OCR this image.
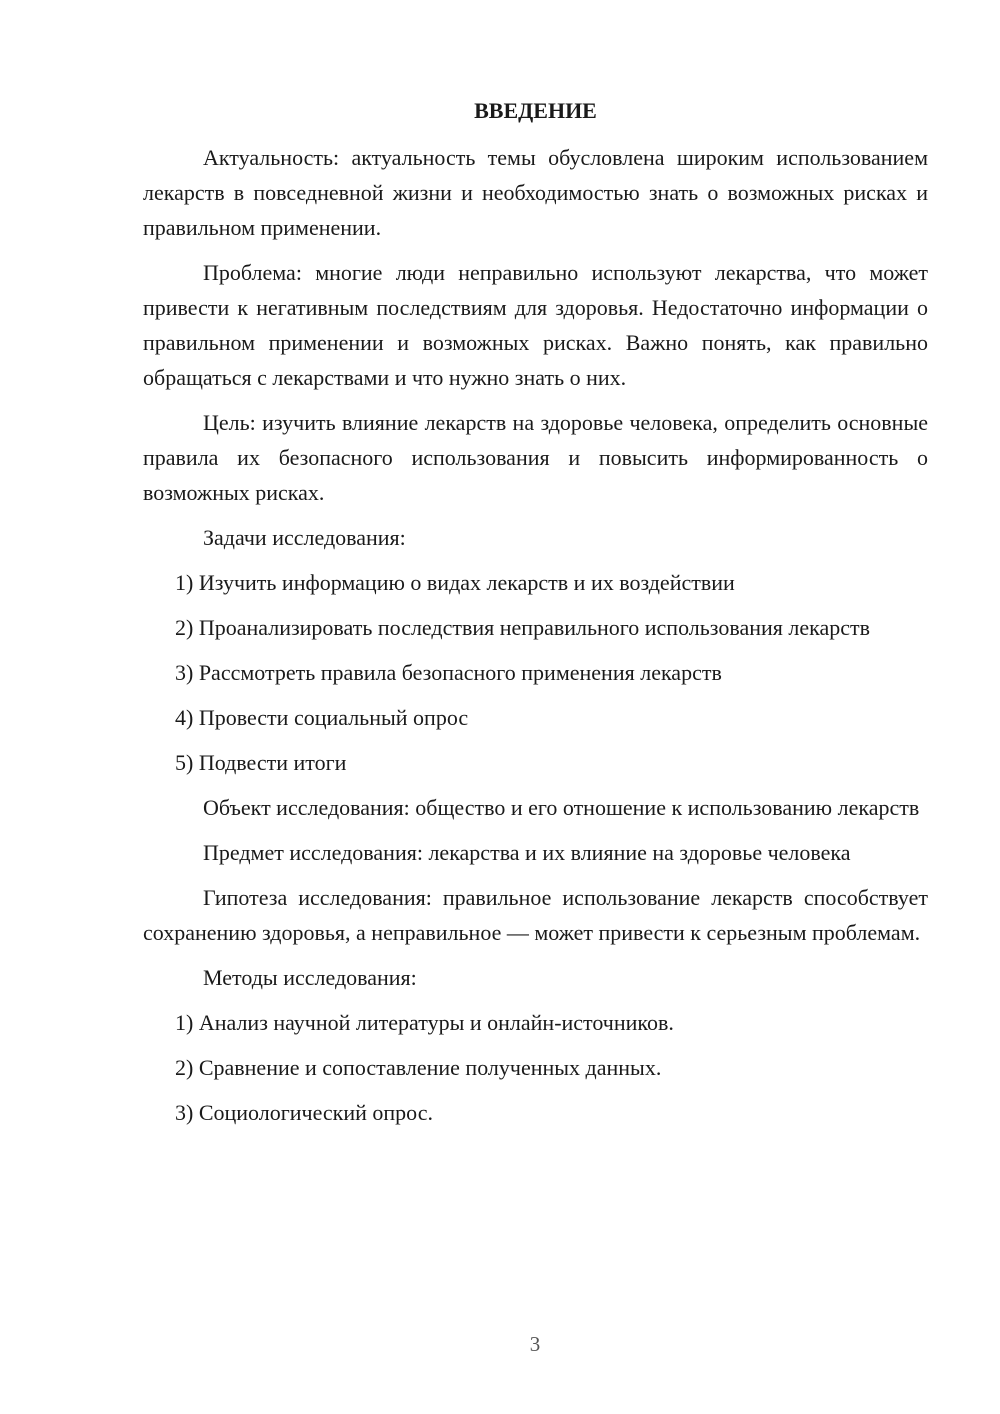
ВВЕДЕНИЕ

Актуальность: актуальность темы обусловлена широким использованием лекарств в повседневной жизни и необходимостью знать о возможных рисках и правильном применении.

Проблема: многие люди неправильно используют лекарства, что может привести к негативным последствиям для здоровья. Недостаточно информации о правильном применении и возможных рисках. Важно понять, как правильно обращаться с лекарствами и что нужно знать о них.

Цель: изучить влияние лекарств на здоровье человека, определить основные правила их безопасного использования и повысить информированность о возможных рисках.

Задачи исследования:

1) Изучить информацию о видах лекарств и их воздействии

2) Проанализировать последствия неправильного использования лекарств

3) Рассмотреть правила безопасного применения лекарств

4) Провести социальный опрос

5) Подвести итоги

Объект исследования: общество и его отношение к использованию лекарств

Предмет исследования: лекарства и их влияние на здоровье человека

Гипотеза исследования: правильное использование лекарств способствует сохранению здоровья, а неправильное — может привести к серьезным проблемам.

Методы исследования:

1) Анализ научной литературы и онлайн-источников.

2) Сравнение и сопоставление полученных данных.

3) Социологический опрос.

3
